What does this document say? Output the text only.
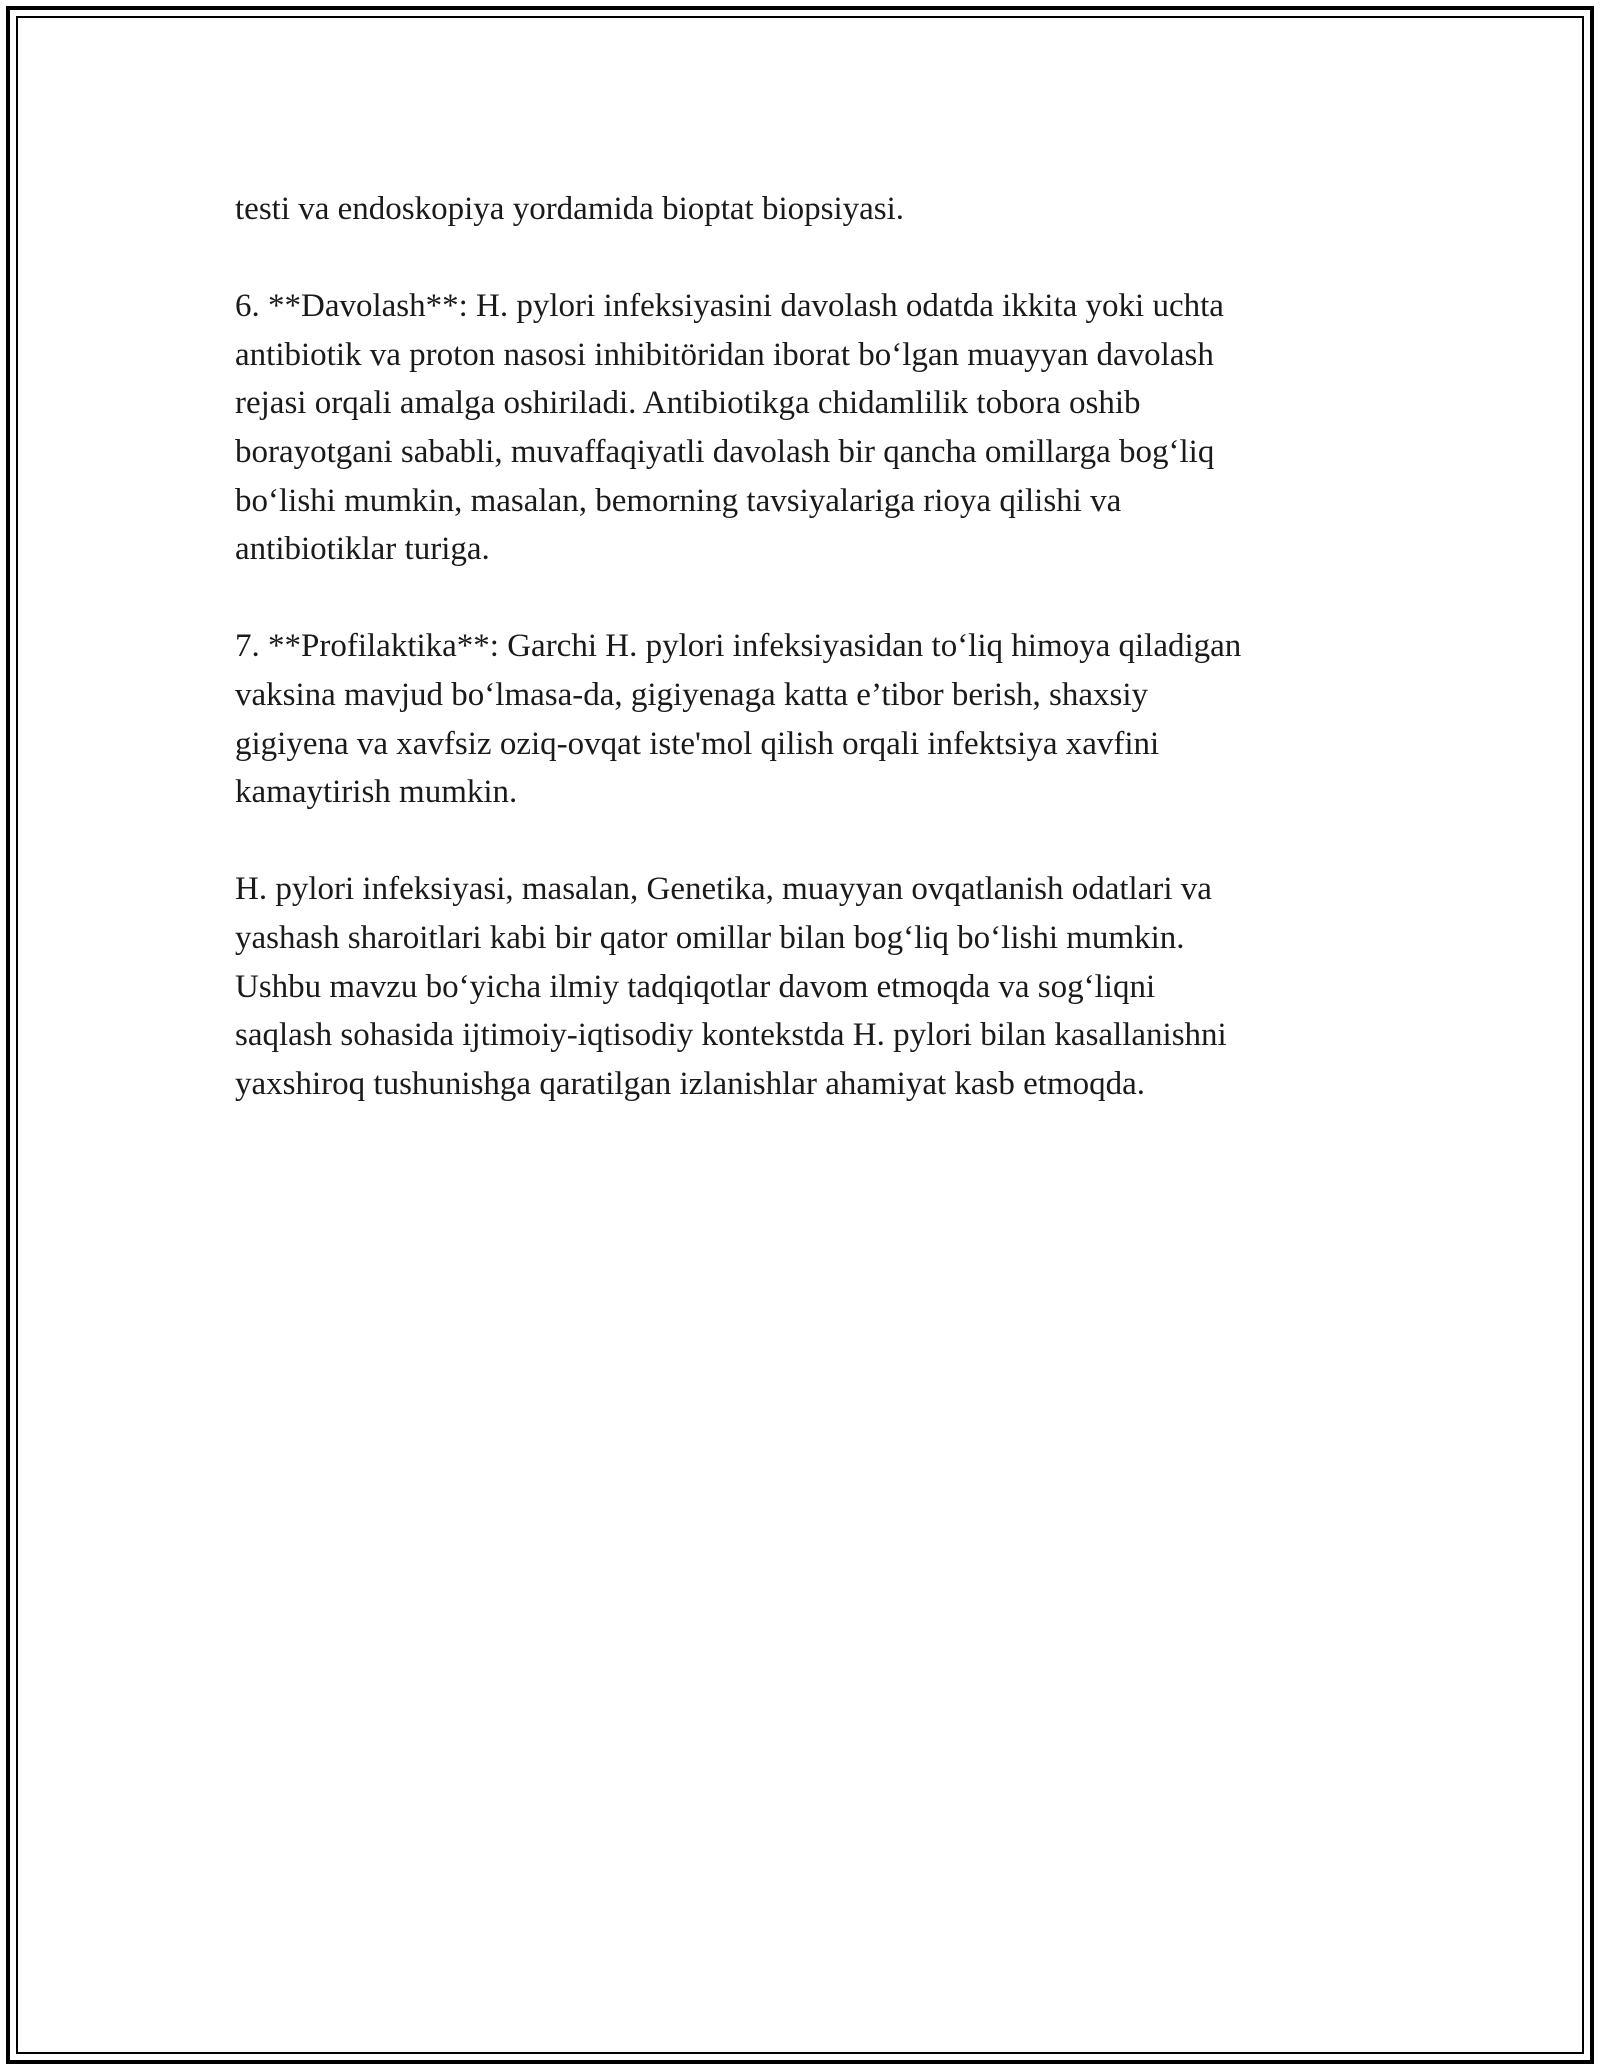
testi va endoskopiya yordamida bioptat biopsiyasi.

6. **Davolash**: H. pylori infeksiyasini davolash odatda ikkita yoki uchta
antibiotik va proton nasosi inhibitöridan iborat bo‘lgan muayyan davolash
rejasi orqali amalga oshiriladi. Antibiotikga chidamlilik tobora oshib
borayotgani sababli, muvaffaqiyatli davolash bir qancha omillarga bog‘liq
bo‘lishi mumkin, masalan, bemorning tavsiyalariga rioya qilishi va
antibiotiklar turiga.

7. **Profilaktika**: Garchi H. pylori infeksiyasidan to‘liq himoya qiladigan
vaksina mavjud bo‘lmasa-da, gigiyenaga katta e’tibor berish, shaxsiy
gigiyena va xavfsiz oziq-ovqat iste'mol qilish orqali infektsiya xavfini
kamaytirish mumkin.

H. pylori infeksiyasi, masalan, Genetika, muayyan ovqatlanish odatlari va
yashash sharoitlari kabi bir qator omillar bilan bog‘liq bo‘lishi mumkin.
Ushbu mavzu bo‘yicha ilmiy tadqiqotlar davom etmoqda va sog‘liqni
saqlash sohasida ijtimoiy-iqtisodiy kontekstda H. pylori bilan kasallanishni
yaxshiroq tushunishga qaratilgan izlanishlar ahamiyat kasb etmoqda.
